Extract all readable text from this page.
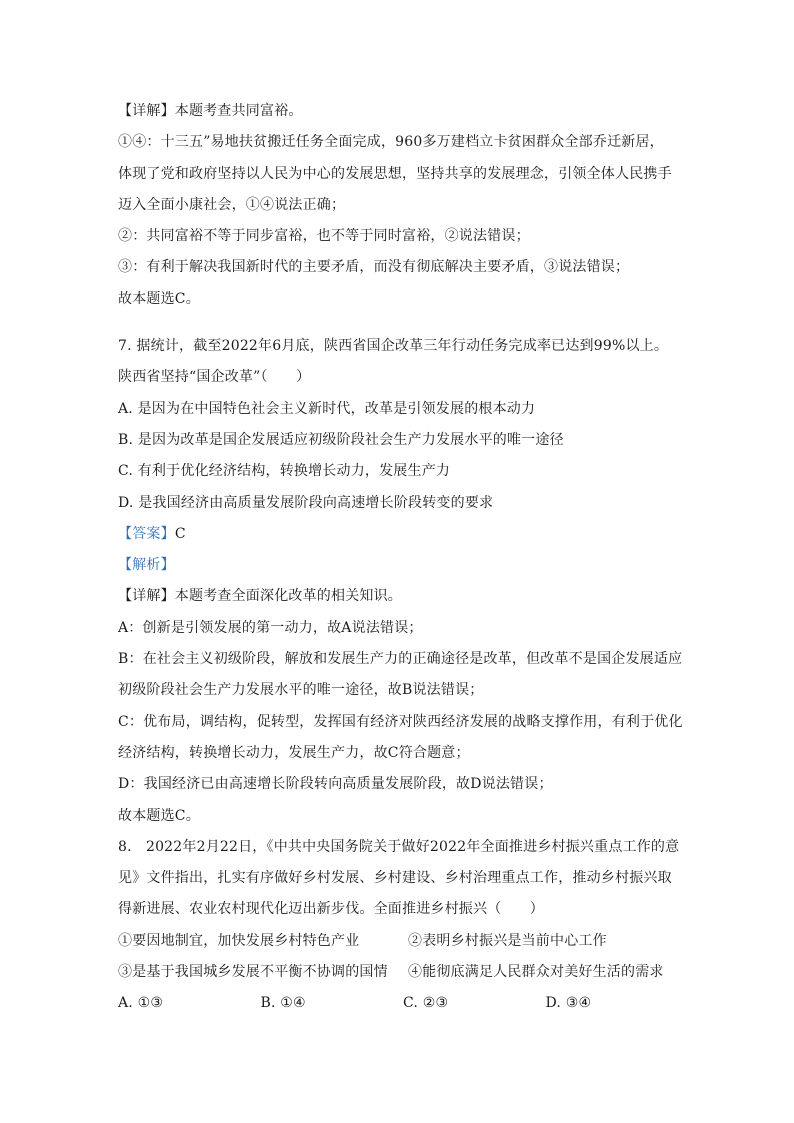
【详解】本题考查共同富裕。
①④：十三五”易地扶贫搬迁任务全面完成，960多万建档立卡贫困群众全部乔迁新居，
体现了党和政府坚持以人民为中心的发展思想，坚持共享的发展理念，引领全体人民携手
迈入全面小康社会，①④说法正确；
②：共同富裕不等于同步富裕，也不等于同时富裕，②说法错误；
③：有利于解决我国新时代的主要矛盾，而没有彻底解决主要矛盾，③说法错误；
故本题选C。
7. 据统计，截至2022年6月底，陕西省国企改革三年行动任务完成率已达到99%以上。
陕西省坚持“国企改革”（　　）
A. 是因为在中国特色社会主义新时代，改革是引领发展的根本动力
B. 是因为改革是国企发展适应初级阶段社会生产力发展水平的唯一途径
C. 有利于优化经济结构，转换增长动力，发展生产力
D. 是我国经济由高质量发展阶段向高速增长阶段转变的要求
【答案】C
【解析】
【详解】本题考查全面深化改革的相关知识。
A：创新是引领发展的第一动力，故A说法错误；
B：在社会主义初级阶段，解放和发展生产力的正确途径是改革，但改革不是国企发展适应
初级阶段社会生产力发展水平的唯一途径，故B说法错误；
C：优布局，调结构，促转型，发挥国有经济对陕西经济发展的战略支撑作用，有利于优化
经济结构，转换增长动力，发展生产力，故C符合题意；
D：我国经济已由高速增长阶段转向高质量发展阶段，故D说法错误；
故本题选C。
8.　2022年2月22日，《中共中央国务院关于做好2022年全面推进乡村振兴重点工作的意
见》文件指出，扎实有序做好乡村发展、乡村建设、乡村治理重点工作，推动乡村振兴取
得新进展、农业农村现代化迈出新步伐。全面推进乡村振兴（　　）
①要因地制宜，加快发展乡村特色产业	②表明乡村振兴是当前中心工作
③是基于我国城乡发展不平衡不协调的国情	④能彻底满足人民群众对美好生活的需求
A. ①③	B. ①④	C. ②③	D. ③④
